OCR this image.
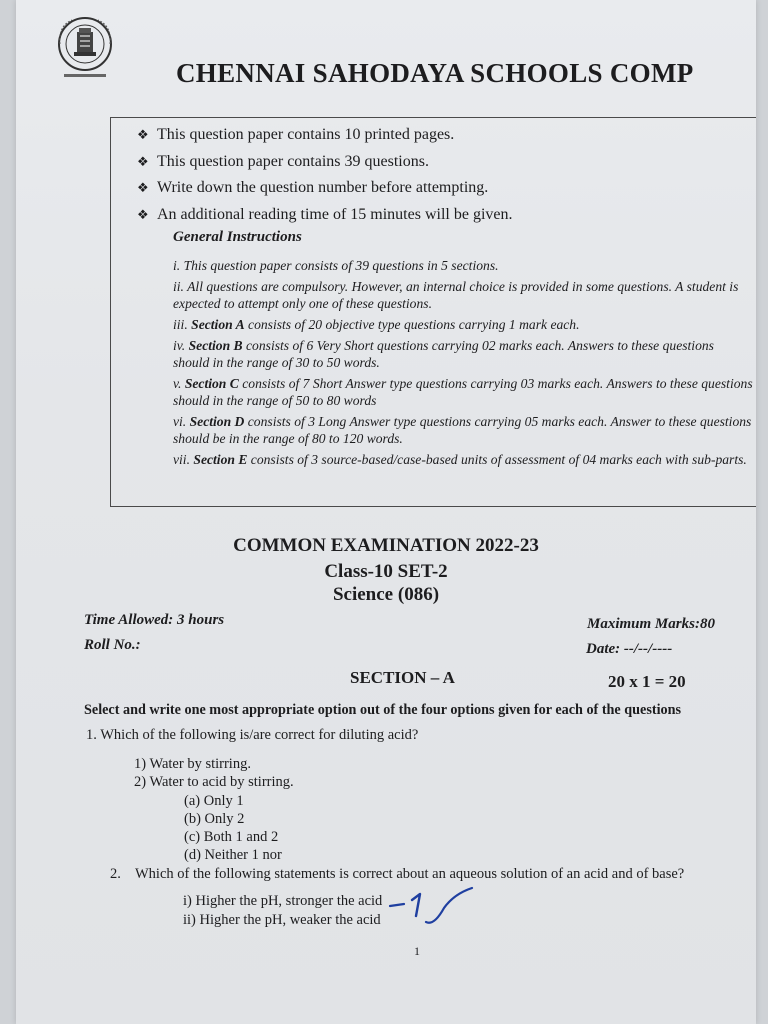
CHENNAI SAHODAYA SCHOOLS COMP
❖ This question paper contains 10 printed pages.
❖ This question paper contains 39 questions.
❖ Write down the question number before attempting.
❖ An additional reading time of 15 minutes will be given.
General Instructions
i. This question paper consists of 39 questions in 5 sections.
ii. All questions are compulsory. However, an internal choice is provided in some questions. A student is expected to attempt only one of these questions.
iii. Section A consists of 20 objective type questions carrying 1 mark each.
iv. Section B consists of 6 Very Short questions carrying 02 marks each. Answers to these questions should in the range of 30 to 50 words.
v. Section C consists of 7 Short Answer type questions carrying 03 marks each. Answers to these questions should in the range of 50 to 80 words
vi. Section D consists of 3 Long Answer type questions carrying 05 marks each. Answer to these questions should be in the range of 80 to 120 words.
vii. Section E consists of 3 source-based/case-based units of assessment of 04 marks each with sub-parts.
COMMON EXAMINATION 2022-23
Class-10 SET-2
Science (086)
Time Allowed: 3 hours	Maximum Marks:80
Roll No.:	Date: --/--/----
SECTION – A	20 x 1 = 20
Select and write one most appropriate option out of the four options given for each of the questions
1. Which of the following is/are correct for diluting acid?
1) Water by stirring.
2) Water to acid by stirring.
(a) Only 1
(b) Only 2
(c) Both 1 and 2
(d) Neither 1 nor
2. Which of the following statements is correct about an aqueous solution of an acid and of base?
i) Higher the pH, stronger the acid
ii) Higher the pH, weaker the acid
1
1
